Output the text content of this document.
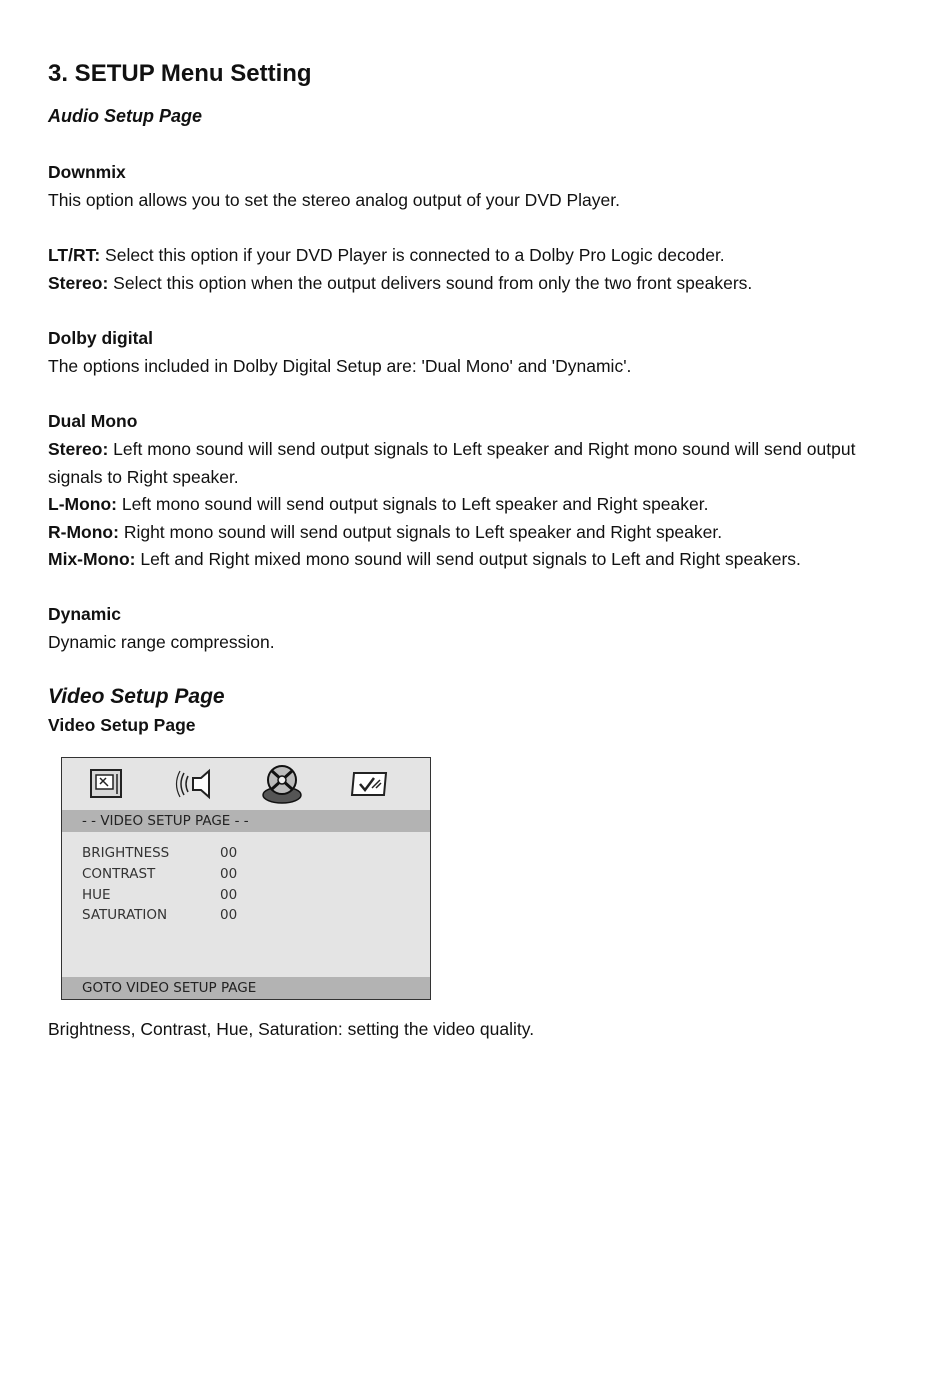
3. SETUP Menu Setting
Audio Setup Page
Downmix
This option allows you to set the stereo analog output of your DVD Player.
LT/RT: Select this option if your DVD Player is connected to a Dolby Pro Logic decoder.
Stereo: Select this option when the output delivers sound from only the two front speakers.
Dolby digital
The options included in Dolby Digital Setup are: 'Dual Mono' and 'Dynamic'.
Dual Mono
Stereo: Left mono sound will send output signals to Left speaker and Right mono sound will send output
signals to Right speaker.
L-Mono: Left mono sound will send output signals to Left speaker and Right speaker.
R-Mono: Right mono sound will send output signals to Left speaker and Right speaker.
Mix-Mono: Left and Right mixed mono sound will send output signals to Left and Right speakers.
Dynamic
Dynamic range compression.
Video Setup Page
Video Setup Page
Brightness, Contrast, Hue, Saturation: setting the video quality.
- - VIDEO SETUP PAGE - -
BRIGHTNESS	00
CONTRAST	00
HUE	00
SATURATION	00
GOTO VIDEO SETUP PAGE
